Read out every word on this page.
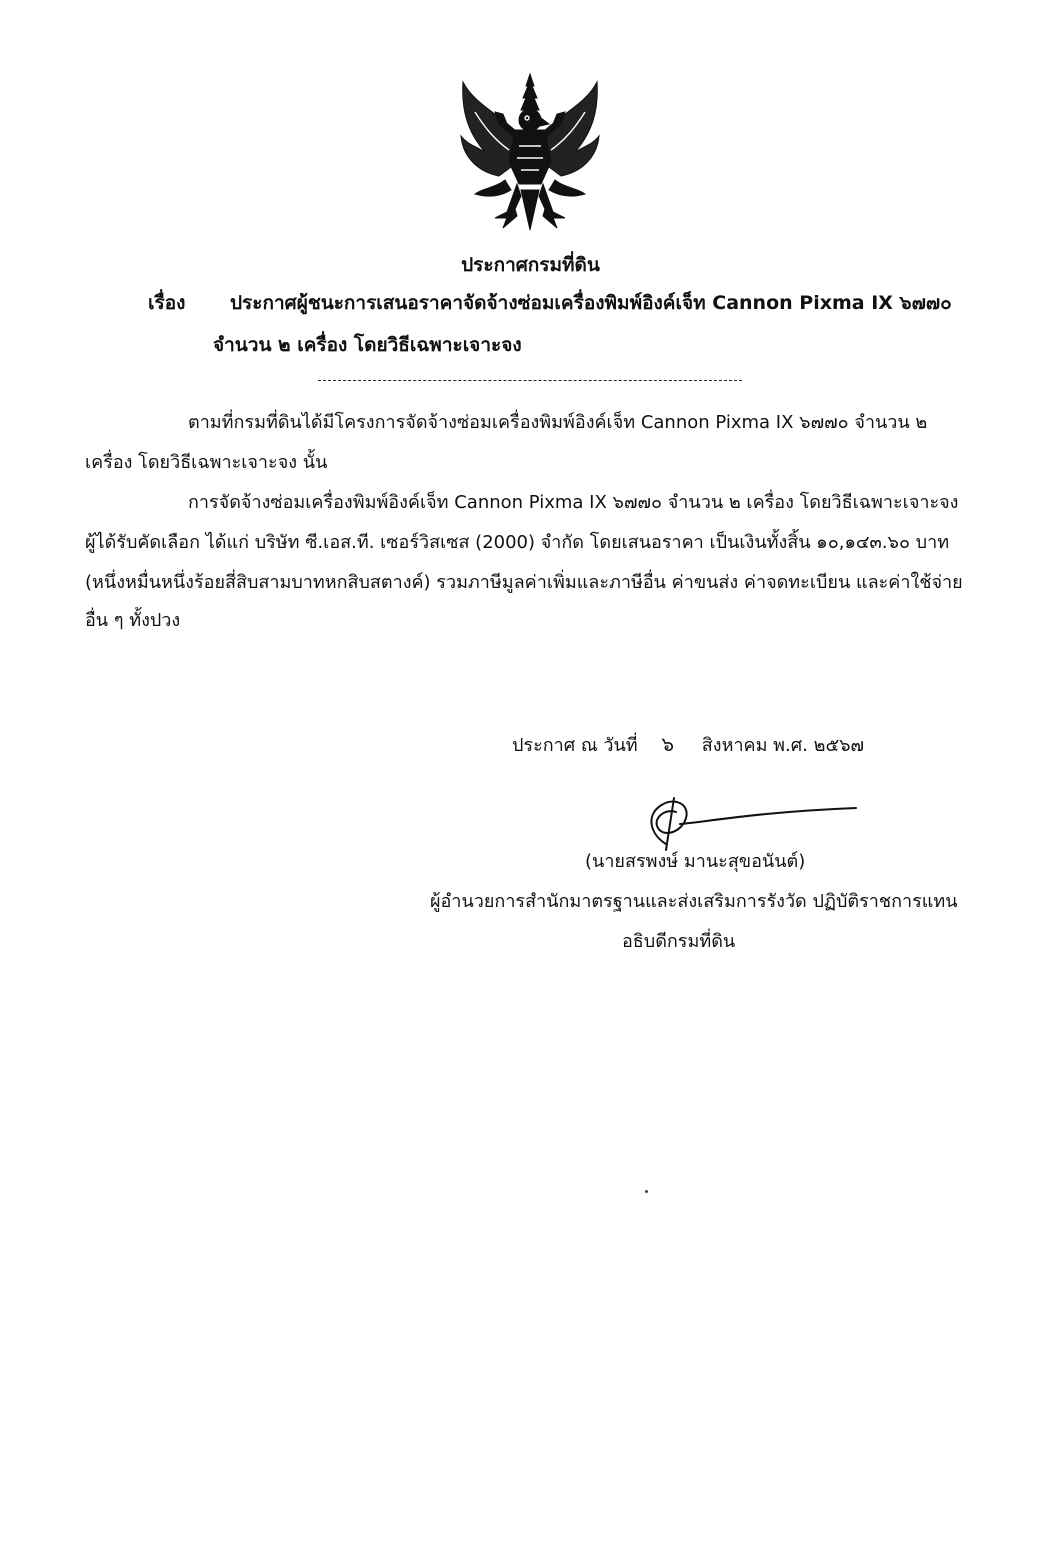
ประกาศกรมที่ดิน
เรื่อง ประกาศผู้ชนะการเสนอราคาจัดจ้างซ่อมเครื่องพิมพ์อิงค์เจ็ท Cannon Pixma IX ๖๗๗๐
จำนวน ๒ เครื่อง โดยวิธีเฉพาะเจาะจง
ตามที่กรมที่ดินได้มีโครงการจัดจ้างซ่อมเครื่องพิมพ์อิงค์เจ็ท Cannon Pixma IX ๖๗๗๐ จำนวน ๒
เครื่อง โดยวิธีเฉพาะเจาะจง นั้น
การจัดจ้างซ่อมเครื่องพิมพ์อิงค์เจ็ท Cannon Pixma IX ๖๗๗๐ จำนวน ๒ เครื่อง โดยวิธีเฉพาะเจาะจง
ผู้ได้รับคัดเลือก ได้แก่ บริษัท ซี.เอส.ที. เซอร์วิสเซส (2000) จำกัด โดยเสนอราคา เป็นเงินทั้งสิ้น ๑๐,๑๔๓.๖๐ บาท
(หนึ่งหมื่นหนึ่งร้อยสี่สิบสามบาทหกสิบสตางค์) รวมภาษีมูลค่าเพิ่มและภาษีอื่น ค่าขนส่ง ค่าจดทะเบียน และค่าใช้จ่าย
อื่น ๆ ทั้งปวง
ประกาศ ณ วันที่ ๖ สิงหาคม พ.ศ. ๒๕๖๗
(นายสรพงษ์ มานะสุขอนันต์)
ผู้อำนวยการสำนักมาตรฐานและส่งเสริมการรังวัด ปฏิบัติราชการแทน
อธิบดีกรมที่ดิน
